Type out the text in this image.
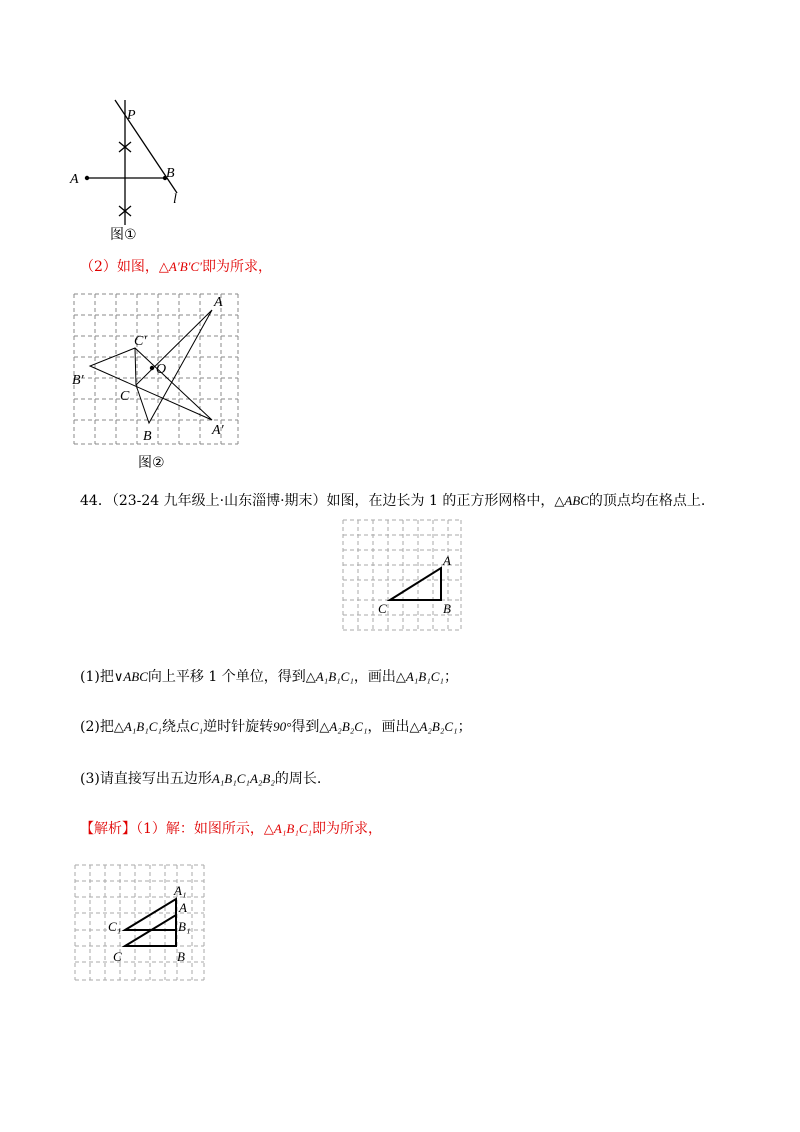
P
A	B
l
图①
（2）如图，△A′B′C′即为所求，
A
C′
O
B′
C
B	A′
图②
44．（23-24 九年级上·山东淄博·期末）如图，在边长为 1 的正方形网格中，△ABC的顶点均在格点上.
A
B
C
(1)把∨ABC向上平移 1 个单位，得到△A₁B₁C₁，画出△A₁B₁C₁；
(2)把△A₁B₁C₁绕点C₁逆时针旋转90°得到△A₂B₂C₁，画出△A₂B₂C₁；
(3)请直接写出五边形A₁B₁C₁A₂B₂的周长.
【解析】（1）解：如图所示，△A₁B₁C₁即为所求，
A₁
A
C₁	B₁
C	B
